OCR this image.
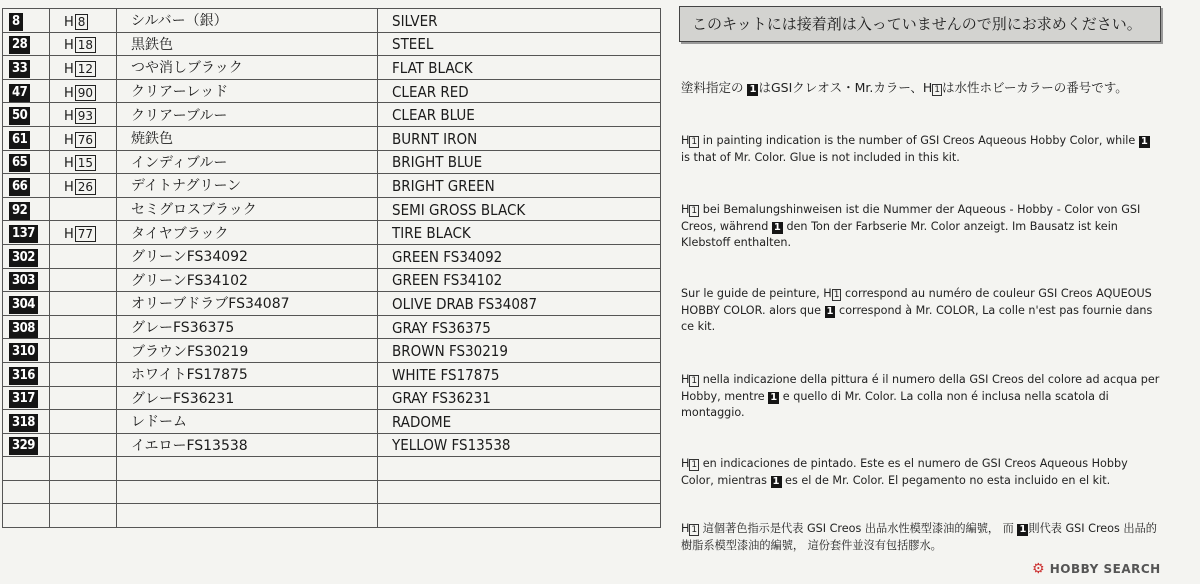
8	H 8	シルバー（銀）	SILVER
28	H 18	黒鉄色	STEEL
33	H 12	つや消しブラック	FLAT BLACK
47	H 90	クリアーレッド	CLEAR RED
50	H 93	クリアーブルー	CLEAR BLUE
61	H 76	焼鉄色	BURNT IRON
65	H 15	インディブルー	BRIGHT BLUE
66	H 26	デイトナグリーン	BRIGHT GREEN
92		セミグロスブラック	SEMI GROSS BLACK
137	H 77	タイヤブラック	TIRE BLACK
302		グリーンFS34092	GREEN FS34092
303		グリーンFS34102	GREEN FS34102
304		オリーブドラブFS34087	OLIVE DRAB FS34087
308		グレーFS36375	GRAY FS36375
310		ブラウンFS30219	BROWN FS30219
316		ホワイトFS17875	WHITE FS17875
317		グレーFS36231	GRAY FS36231
318		レドーム	RADOME
329		イエローFS13538	YELLOW FS13538

このキットには接着剤は入っていませんので別にお求めください。
塗料指定の 1 はGSIクレオス・Mr.カラー、H 1 は水性ホビーカラーの番号です。
H 1 in painting indication is the number of GSI Creos Aqueous Hobby Color, while 1 is that of Mr. Color. Glue is not included in this kit.
H 1 bei Bemalungshinweisen ist die Nummer der Aqueous - Hobby - Color von GSI Creos, während 1 den Ton der Farbserie Mr. Color anzeigt. Im Bausatz ist kein Klebstoff enthalten.
Sur le guide de peinture, H 1 correspond au numéro de couleur GSI Creos AQUEOUS HOBBY COLOR. alors que 1 correspond à Mr. COLOR, La colle n'est pas fournie dans ce kit.
H 1 nella indicazione della pittura é il numero della GSI Creos del colore ad acqua per Hobby, mentre 1 e quello di Mr. Color. La colla non é inclusa nella scatola di montaggio.
H 1 en indicaciones de pintado. Este es el numero de GSI Creos Aqueous Hobby Color, mientras 1 es el de Mr. Color. El pegamento no esta incluido en el kit.
H 1 這個著色指示是代表 GSI Creos 出品水性模型漆油的編號， 而 1 則代表 GSI Creos 出品的樹脂系模型漆油的編號， 這份套件並沒有包括膠水。
⚙ HOBBY SEARCH
